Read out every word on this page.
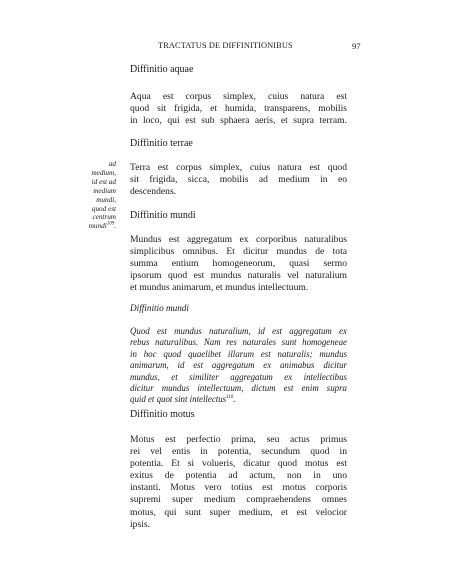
TRACTATUS DE DIFFINITIONIBUS	97

Diffinitio aquae

Aqua est corpus simplex, cuius natura est
quod sit frigida, et humida, transparens, mobilis
in loco, qui est sub sphaera aeris, et supra terram.

Diffinitio terrae

Terra est corpus simplex, cuius natura est quod
sit frigida, sicca, mobilis ad medium in eo
descendens.

ad
medium,
id est ad
medium
mundi,
quod est
centrum
mundi$^{109}$.

Diffinitio mundi

Mundus est aggregatum ex corporibus naturalibus
simplicibus omnibus. Et dicitur mundus de tota
summa entium homogeneorum, quasi sermo
ipsorum quod est mundus naturalis vel naturalium
et mundus animarum, et mundus intellectuum.

Diffinitio mundi

Quod est mundus naturalium, id est aggregatum ex
rebus naturalibus. Nam res naturales sunt homogeneae
in hoc quod quaelibet illarum est naturalis; mundus
animarum, id est aggregatum ex animabus dicitur
mundus, et similiter aggregatum ex intellectibus
dicitur mundus intellectuum, dictum est enim supra
quid et quot sint intellectus$^{110}$.

Diffinitio motus

Motus est perfectio prima, seu actus primus
rei vel entis in potentia, secundum quod in
potentia. Et si volueris, dicatur quod motus est
exitus de potentia ad actum, non in uno
instanti. Motus vero totius est motus corporis
supremi super medium compraehendens omnes
motus, qui sunt super medium, et est velocior
ipsis.
